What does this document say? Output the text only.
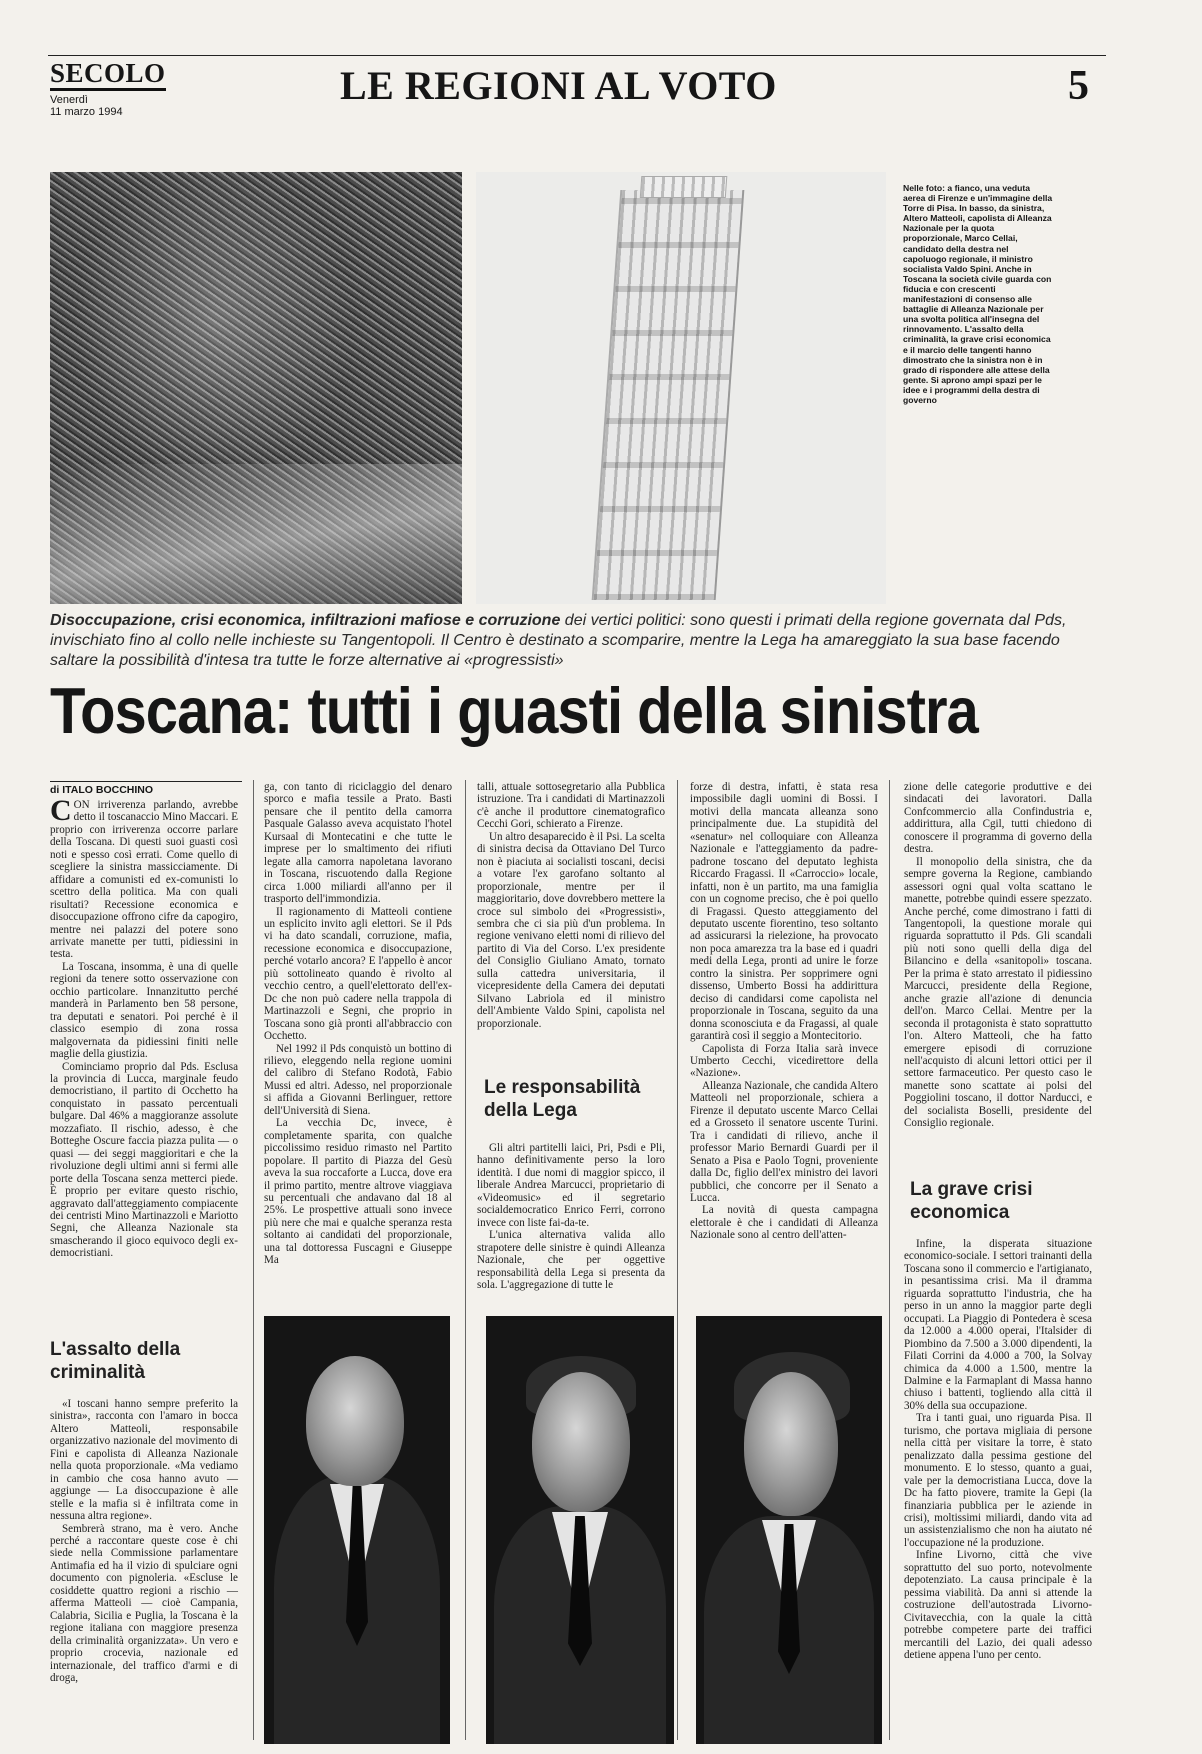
SECOLO
Venerdì
11 marzo 1994
LE REGIONI AL VOTO	5
Nelle foto: a fianco, una veduta aerea di Firenze e un'immagine della Torre di Pisa. In basso, da sinistra, Altero Matteoli, capolista di Alleanza Nazionale per la quota proporzionale, Marco Cellai, candidato della destra nel capoluogo regionale, il ministro socialista Valdo Spini. Anche in Toscana la società civile guarda con fiducia e con crescenti manifestazioni di consenso alle battaglie di Alleanza Nazionale per una svolta politica all'insegna del rinnovamento. L'assalto della criminalità, la grave crisi economica e il marcio delle tangenti hanno dimostrato che la sinistra non è in grado di rispondere alle attese della gente. Si aprono ampi spazi per le idee e i programmi della destra di governo
Disoccupazione, crisi economica, infiltrazioni mafiose e corruzione dei vertici politici: sono questi i primati della regione governata dal Pds, invischiato fino al collo nelle inchieste su Tangentopoli. Il Centro è destinato a scomparire, mentre la Lega ha amareggiato la sua base facendo saltare la possibilità d'intesa tra tutte le forze alternative ai «progressisti»
Toscana: tutti i guasti della sinistra
di ITALO BOCCHINO

CON irriverenza parlando, avrebbe detto il toscanaccio Mino Maccari. E proprio con irriverenza occorre parlare della Toscana. Di questi suoi guasti così noti e spesso così errati. Come quello di scegliere la sinistra massicciamente. Di affidare a comunisti ed ex-comunisti lo scettro della politica. Ma con quali risultati? Recessione economica e disoccupazione offrono cifre da capogiro, mentre nei palazzi del potere sono arrivate manette per tutti, pidiessini in testa.

La Toscana, insomma, è una di quelle regioni da tenere sotto osservazione con occhio particolare. Innanzitutto perché manderà in Parlamento ben 58 persone, tra deputati e senatori. Poi perché è il classico esempio di zona rossa malgovernata da pidiessini finiti nelle maglie della giustizia.

Cominciamo proprio dal Pds. Esclusa la provincia di Lucca, marginale feudo democristiano, il partito di Occhetto ha conquistato in passato percentuali bulgare. Dal 46% a maggioranze assolute mozzafiato. Il rischio, adesso, è che Botteghe Oscure faccia piazza pulita — o quasi — dei seggi maggioritari e che la rivoluzione degli ultimi anni si fermi alle porte della Toscana senza metterci piede. È proprio per evitare questo rischio, aggravato dall'atteggiamento compiacente dei centristi Mino Martinazzoli e Mariotto Segni, che Alleanza Nazionale sta smascherando il gioco equivoco degli ex-democristiani.

L'assalto della criminalità

«I toscani hanno sempre preferito la sinistra», racconta con l'amaro in bocca Altero Matteoli, responsabile organizzativo nazionale del movimento di Fini e capolista di Alleanza Nazionale nella quota proporzionale. «Ma vediamo in cambio che cosa hanno avuto — aggiunge — La disoccupazione è alle stelle e la mafia si è infiltrata come in nessuna altra regione».

Sembrerà strano, ma è vero. Anche perché a raccontare queste cose è chi siede nella Commissione parlamentare Antimafia ed ha il vizio di spulciare ogni documento con pignoleria. «Escluse le cosiddette quattro regioni a rischio — afferma Matteoli — cioè Campania, Calabria, Sicilia e Puglia, la Toscana è la regione italiana con maggiore presenza della criminalità organizzata». Un vero e proprio crocevia, nazionale ed internazionale, del traffico d'armi e di droga,

ga, con tanto di riciclaggio del denaro sporco e mafia tessile a Prato. Basti pensare che il pentito della camorra Pasquale Galasso aveva acquistato l'hotel Kursaal di Montecatini e che tutte le imprese per lo smaltimento dei rifiuti legate alla camorra napoletana lavorano in Toscana, riscuotendo dalla Regione circa 1.000 miliardi all'anno per il trasporto dell'immondizia.

Il ragionamento di Matteoli contiene un esplicito invito agli elettori. Se il Pds vi ha dato scandali, corruzione, mafia, recessione economica e disoccupazione, perché votarlo ancora? E l'appello è ancor più sottolineato quando è rivolto al vecchio centro, a quell'elettorato dell'ex-Dc che non può cadere nella trappola di Martinazzoli e Segni, che proprio in Toscana sono già pronti all'abbraccio con Occhetto.

Nel 1992 il Pds conquistò un bottino di rilievo, eleggendo nella regione uomini del calibro di Stefano Rodotà, Fabio Mussi ed altri. Adesso, nel proporzionale si affida a Giovanni Berlinguer, rettore dell'Università di Siena.

La vecchia Dc, invece, è completamente sparita, con qualche piccolissimo residuo rimasto nel Partito popolare. Il partito di Piazza del Gesù aveva la sua roccaforte a Lucca, dove era il primo partito, mentre altrove viaggiava su percentuali che andavano dal 18 al 25%. Le prospettive attuali sono invece più nere che mai e qualche speranza resta soltanto ai candidati del proporzionale, una tal dottoressa Fuscagni e Giuseppe Ma

talli, attuale sottosegretario alla Pubblica istruzione. Tra i candidati di Martinazzoli c'è anche il produttore cinematografico Cecchi Gori, schierato a Firenze.

Un altro desaparecido è il Psi. La scelta di sinistra decisa da Ottaviano Del Turco non è piaciuta ai socialisti toscani, decisi a votare l'ex garofano soltanto al proporzionale, mentre per il maggioritario, dove dovrebbero mettere la croce sul simbolo dei «Progressisti», sembra che ci sia più d'un problema. In regione venivano eletti nomi di rilievo del partito di Via del Corso. L'ex presidente del Consiglio Giuliano Amato, tornato sulla cattedra universitaria, il vicepresidente della Camera dei deputati Silvano Labriola ed il ministro dell'Ambiente Valdo Spini, capolista nel proporzionale.

Le responsabilità della Lega

Gli altri partitelli laici, Pri, Psdi e Pli, hanno definitivamente perso la loro identità. I due nomi di maggior spicco, il liberale Andrea Marcucci, proprietario di «Videomusic» ed il segretario socialdemocratico Enrico Ferri, corrono invece con liste fai-da-te.

L'unica alternativa valida allo strapotere delle sinistre è quindi Alleanza Nazionale, che per oggettive responsabilità della Lega si presenta da sola. L'aggregazione di tutte le

forze di destra, infatti, è stata resa impossibile dagli uomini di Bossi. I motivi della mancata alleanza sono principalmente due. La stupidità del «senatur» nel colloquiare con Alleanza Nazionale e l'atteggiamento da padre-padrone toscano del deputato leghista Riccardo Fragassi. Il «Carroccio» locale, infatti, non è un partito, ma una famiglia con un cognome preciso, che è poi quello di Fragassi. Questo atteggiamento del deputato uscente fiorentino, teso soltanto ad assicurarsi la rielezione, ha provocato non poca amarezza tra la base ed i quadri medi della Lega, pronti ad unire le forze contro la sinistra. Per sopprimere ogni dissenso, Umberto Bossi ha addirittura deciso di candidarsi come capolista nel proporzionale in Toscana, seguito da una donna sconosciuta e da Fragassi, al quale garantirà così il seggio a Montecitorio.

Capolista di Forza Italia sarà invece Umberto Cecchi, vicedirettore della «Nazione».

Alleanza Nazionale, che candida Altero Matteoli nel proporzionale, schiera a Firenze il deputato uscente Marco Cellai ed a Grosseto il senatore uscente Turini. Tra i candidati di rilievo, anche il professor Mario Bernardi Guardi per il Senato a Pisa e Paolo Togni, proveniente dalla Dc, figlio dell'ex ministro dei lavori pubblici, che concorre per il Senato a Lucca.

La novità di questa campagna elettorale è che i candidati di Alleanza Nazionale sono al centro dell'atten-

zione delle categorie produttive e dei sindacati dei lavoratori. Dalla Confcommercio alla Confindustria e, addirittura, alla Cgil, tutti chiedono di conoscere il programma di governo della destra.

Il monopolio della sinistra, che da sempre governa la Regione, cambiando assessori ogni qual volta scattano le manette, potrebbe quindi essere spezzato. Anche perché, come dimostrano i fatti di Tangentopoli, la questione morale qui riguarda soprattutto il Pds. Gli scandali più noti sono quelli della diga del Bilancino e della «sanitopoli» toscana. Per la prima è stato arrestato il pidiessino Marcucci, presidente della Regione, anche grazie all'azione di denuncia dell'on. Marco Cellai. Mentre per la seconda il protagonista è stato soprattutto l'on. Altero Matteoli, che ha fatto emergere episodi di corruzione nell'acquisto di alcuni lettori ottici per il settore farmaceutico. Per questo caso le manette sono scattate ai polsi del Poggiolini toscano, il dottor Narducci, e del socialista Boselli, presidente del Consiglio regionale.

La grave crisi economica

Infine, la disperata situazione economico-sociale. I settori trainanti della Toscana sono il commercio e l'artigianato, in pesantissima crisi. Ma il dramma riguarda soprattutto l'industria, che ha perso in un anno la maggior parte degli occupati. La Piaggio di Pontedera è scesa da 12.000 a 4.000 operai, l'Italsider di Piombino da 7.500 a 3.000 dipendenti, la Filati Corrini da 4.000 a 700, la Solvay chimica da 4.000 a 1.500, mentre la Dalmine e la Farmaplant di Massa hanno chiuso i battenti, togliendo alla città il 30% della sua occupazione.

Tra i tanti guai, uno riguarda Pisa. Il turismo, che portava migliaia di persone nella città per visitare la torre, è stato penalizzato dalla pessima gestione del monumento. E lo stesso, quanto a guai, vale per la democristiana Lucca, dove la Dc ha fatto piovere, tramite la Gepi (la finanziaria pubblica per le aziende in crisi), moltissimi miliardi, dando vita ad un assistenzialismo che non ha aiutato né l'occupazione né la produzione.

Infine Livorno, città che vive soprattutto del suo porto, notevolmente depotenziato. La causa principale è la pessima viabilità. Da anni si attende la costruzione dell'autostrada Livorno-Civitavecchia, con la quale la città potrebbe competere parte dei traffici mercantili del Lazio, dei quali adesso detiene appena l'uno per cento.
